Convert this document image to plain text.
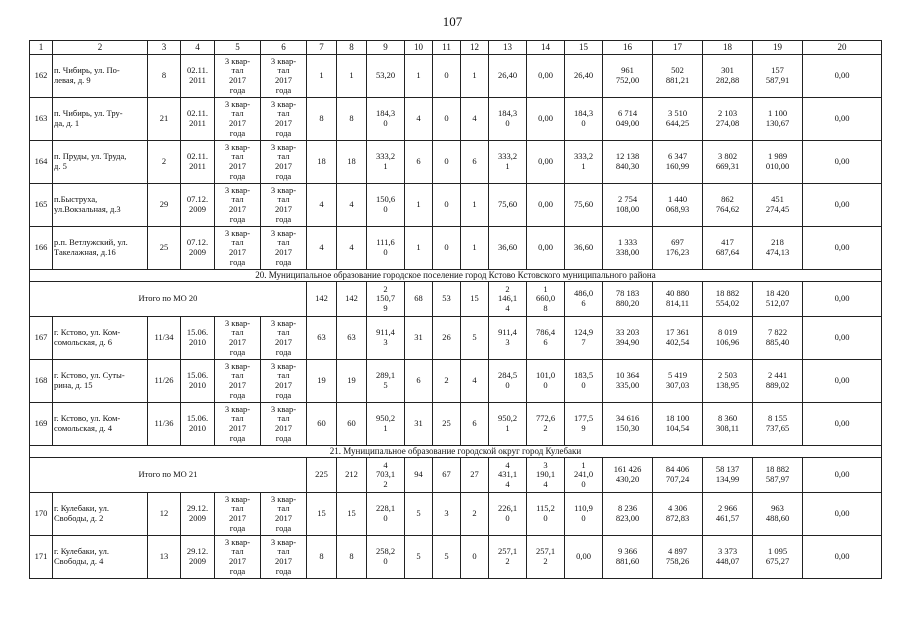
107
1	2	3	4	5	6	7	8	9	10	11	12	13	14	15	16	17	18	19	20
162	п. Чибирь, ул. По-
левая, д. 9	8	02.11.
2011	3 квар-
тал
2017
года	3 квар-
тал
2017
года	1	1	53,20	1	0	1	26,40	0,00	26,40	961
752,00	502
881,21	301
282,88	157
587,91	0,00
163	п. Чибирь, ул. Тру-
да, д. 1	21	02.11.
2011	3 квар-
тал
2017
года	3 квар-
тал
2017
года	8	8	184,3
0	4	0	4	184,3
0	0,00	184,3
0	6 714
049,00	3 510
644,25	2 103
274,08	1 100
130,67	0,00
164	п. Пруды, ул. Труда,
д. 5	2	02.11.
2011	3 квар-
тал
2017
года	3 квар-
тал
2017
года	18	18	333,2
1	6	0	6	333,2
1	0,00	333,2
1	12 138
840,30	6 347
160,99	3 802
669,31	1 989
010,00	0,00
165	п.Быструха,
ул.Вокзальная, д.3	29	07.12.
2009	3 квар-
тал
2017
года	3 квар-
тал
2017
года	4	4	150,6
0	1	0	1	75,60	0,00	75,60	2 754
108,00	1 440
068,93	862
764,62	451
274,45	0,00
166	р.п. Ветлужский, ул.
Такелажная, д.16	25	07.12.
2009	3 квар-
тал
2017
года	3 квар-
тал
2017
года	4	4	111,6
0	1	0	1	36,60	0,00	36,60	1 333
338,00	697
176,23	417
687,64	218
474,13	0,00
20. Муниципальное образование городское поселение город Кстово Кстовского муниципального района																			
Итого по МО 20						142	142	2
150,7
9	68	53	15	2
146,1
4	1
660,0
8	486,0
6	78 183
880,20	40 880
814,11	18 882
554,02	18 420
512,07	0,00
167	г. Кстово, ул. Ком-
сомольская, д. 6	11/34	15.06.
2010	3 квар-
тал
2017
года	3 квар-
тал
2017
года	63	63	911,4
3	31	26	5	911,4
3	786,4
6	124,9
7	33 203
394,90	17 361
402,54	8 019
106,96	7 822
885,40	0,00
168	г. Кстово, ул. Суты-
рина, д. 15	11/26	15.06.
2010	3 квар-
тал
2017
года	3 квар-
тал
2017
года	19	19	289,1
5	6	2	4	284,5
0	101,0
0	183,5
0	10 364
335,00	5 419
307,03	2 503
138,95	2 441
889,02	0,00
169	г. Кстово, ул. Ком-
сомольская, д. 4	11/36	15.06.
2010	3 квар-
тал
2017
года	3 квар-
тал
2017
года	60	60	950,2
1	31	25	6	950,2
1	772,6
2	177,5
9	34 616
150,30	18 100
104,54	8 360
308,11	8 155
737,65	0,00
21. Муниципальное образование городской округ город Кулебаки																			
Итого по МО 21						225	212	4
703,1
2	94	67	27	4
431,1
4	3
190,1
4	1
241,0
0	161 426
430,20	84 406
707,24	58 137
134,99	18 882
587,97	0,00
170	г. Кулебаки, ул.
Свободы, д. 2	12	29.12.
2009	3 квар-
тал
2017
года	3 квар-
тал
2017
года	15	15	228,1
0	5	3	2	226,1
0	115,2
0	110,9
0	8 236
823,00	4 306
872,83	2 966
461,57	963
488,60	0,00
171	г. Кулебаки, ул.
Свободы, д. 4	13	29.12.
2009	3 квар-
тал
2017
года	3 квар-
тал
2017
года	8	8	258,2
0	5	5	0	257,1
2	257,1
2	0,00	9 366
881,60	4 897
758,26	3 373
448,07	1 095
675,27	0,00
